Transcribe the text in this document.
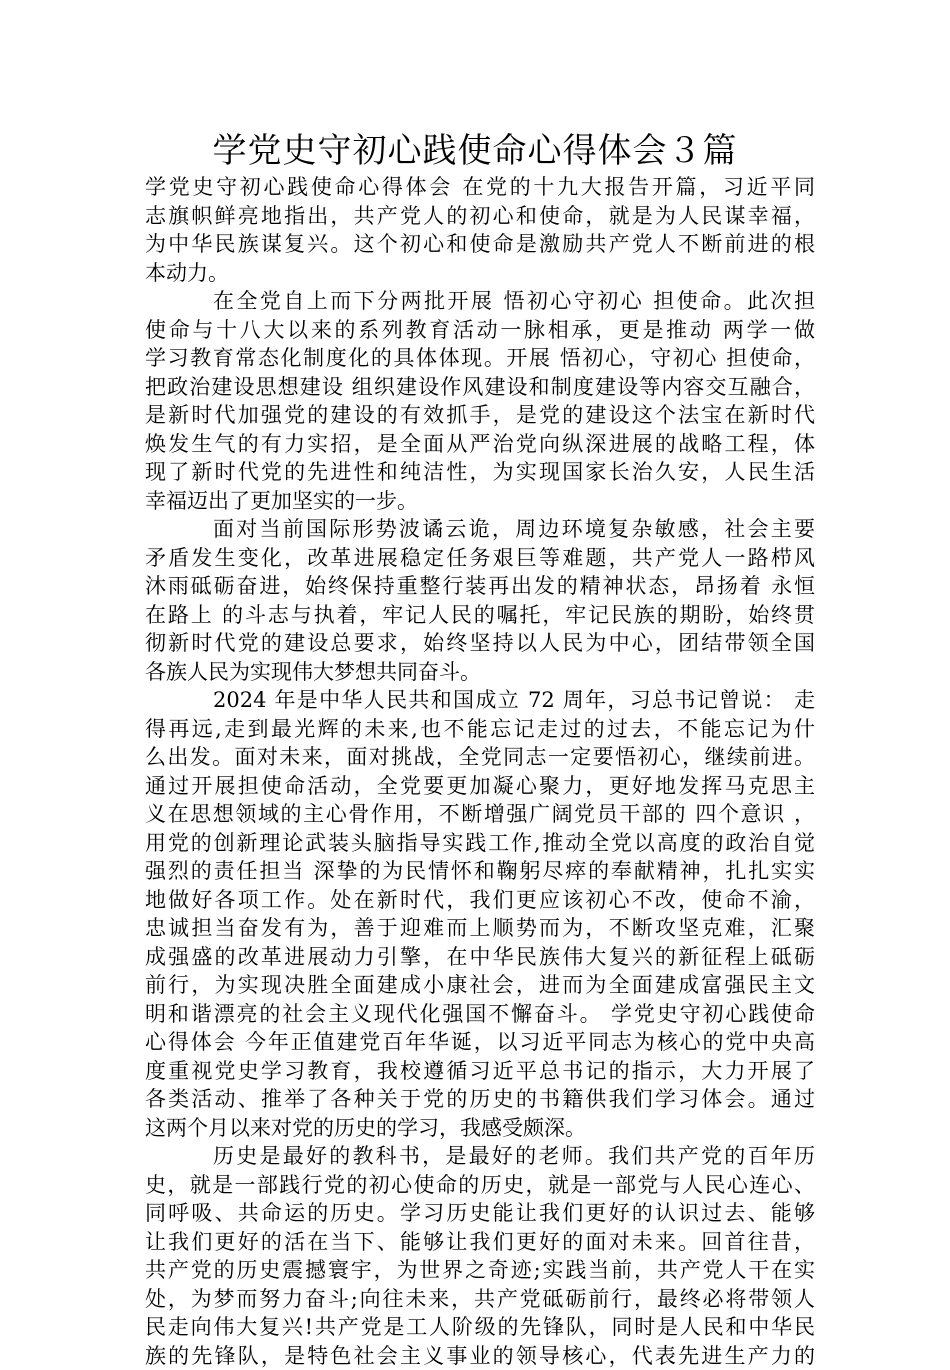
学党史守初心践使命心得体会３篇
学党史守初心践使命心得体会 在党的十九大报告开篇，习近平同
志旗帜鲜亮地指出，共产党人的初心和使命，就是为人民谋幸福，
为中华民族谋复兴。这个初心和使命是激励共产党人不断前进的根
本动力。
在全党自上而下分两批开展 悟初心守初心 担使命。此次担
使命与十八大以来的系列教育活动一脉相承，更是推动 两学一做
学习教育常态化制度化的具体体现。开展 悟初心，守初心 担使命，
把政治建设思想建设 组织建设作风建设和制度建设等内容交互融合，
是新时代加强党的建设的有效抓手，是党的建设这个法宝在新时代
焕发生气的有力实招，是全面从严治党向纵深进展的战略工程，体
现了新时代党的先进性和纯洁性，为实现国家长治久安，人民生活
幸福迈出了更加坚实的一步。
面对当前国际形势波谲云诡，周边环境复杂敏感，社会主要
矛盾发生变化，改革进展稳定任务艰巨等难题，共产党人一路栉风
沐雨砥砺奋进，始终保持重整行装再出发的精神状态，昂扬着 永恒
在路上 的斗志与执着，牢记人民的嘱托，牢记民族的期盼，始终贯
彻新时代党的建设总要求，始终坚持以人民为中心，团结带领全国
各族人民为实现伟大梦想共同奋斗。
2024 年是中华人民共和国成立 72 周年，习总书记曾说： 走
得再远,走到最光辉的未来,也不能忘记走过的过去，不能忘记为什
么出发。面对未来，面对挑战，全党同志一定要悟初心，继续前进。
通过开展担使命活动，全党要更加凝心聚力，更好地发挥马克思主
义在思想领域的主心骨作用，不断增强广阔党员干部的 四个意识 ，
用党的创新理论武装头脑指导实践工作,推动全党以高度的政治自觉
强烈的责任担当 深挚的为民情怀和鞠躬尽瘁的奉献精神，扎扎实实
地做好各项工作。处在新时代，我们更应该初心不改，使命不渝，
忠诚担当奋发有为，善于迎难而上顺势而为，不断攻坚克难，汇聚
成强盛的改革进展动力引擎，在中华民族伟大复兴的新征程上砥砺
前行，为实现决胜全面建成小康社会，进而为全面建成富强民主文
明和谐漂亮的社会主义现代化强国不懈奋斗。 学党史守初心践使命
心得体会 今年正值建党百年华诞，以习近平同志为核心的党中央高
度重视党史学习教育，我校遵循习近平总书记的指示，大力开展了
各类活动、推举了各种关于党的历史的书籍供我们学习体会。通过
这两个月以来对党的历史的学习，我感受颇深。
历史是最好的教科书，是最好的老师。我们共产党的百年历
史，就是一部践行党的初心使命的历史，就是一部党与人民心连心、
同呼吸、共命运的历史。学习历史能让我们更好的认识过去、能够
让我们更好的活在当下、能够让我们更好的面对未来。回首往昔，
共产党的历史震撼寰宇，为世界之奇迹;实践当前，共产党人干在实
处，为梦而努力奋斗;向往未来，共产党砥砺前行，最终必将带领人
民走向伟大复兴!共产党是工人阶级的先锋队，同时是人民和中华民
族的先锋队，是特色社会主义事业的领导核心，代表先进生产力的
